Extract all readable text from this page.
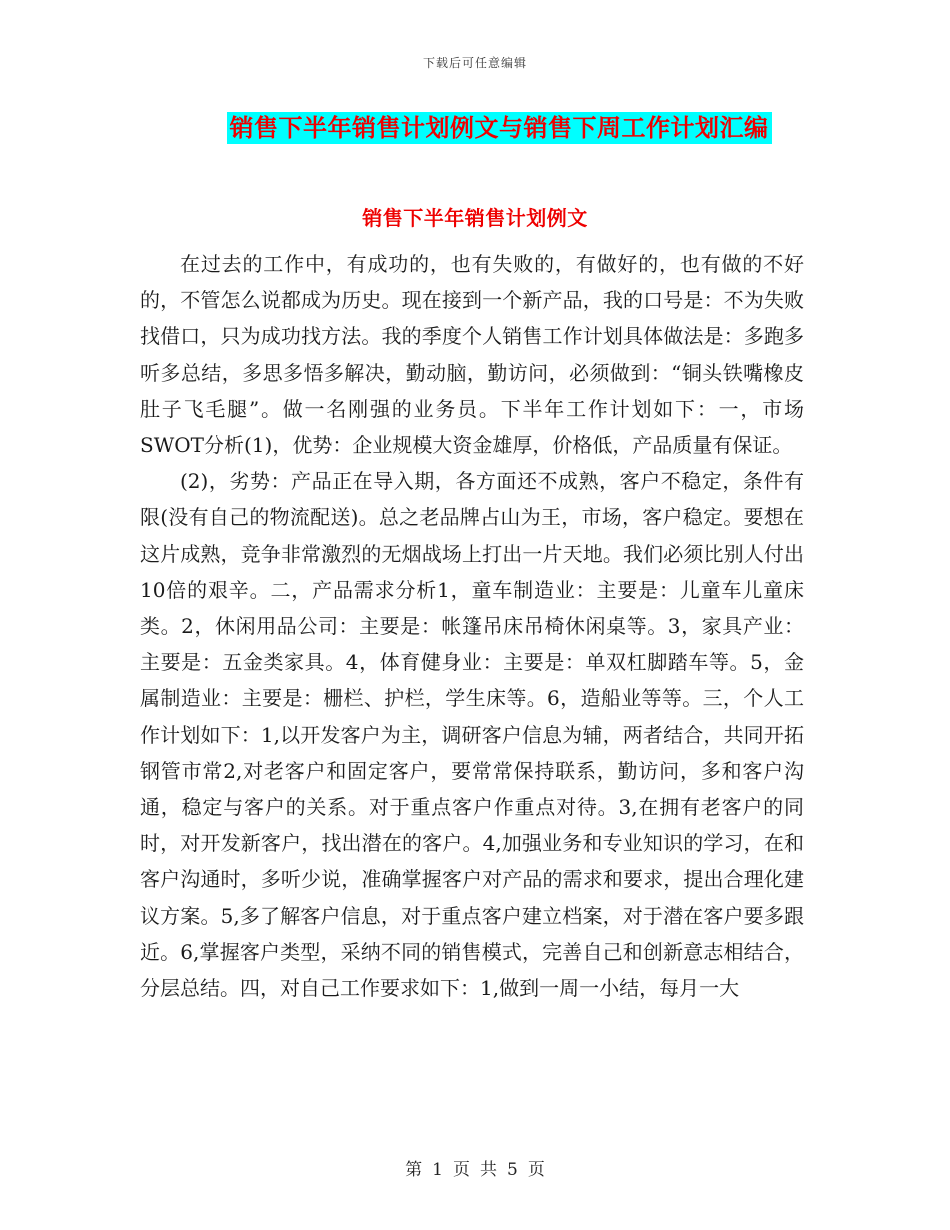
下载后可任意编辑
销售下半年销售计划例文与销售下周工作计划汇编
销售下半年销售计划例文

在过去的工作中，有成功的，也有失败的，有做好的，也有做的不好的，不管怎么说都成为历史。现在接到一个新产品，我的口号是：不为失败找借口，只为成功找方法。我的季度个人销售工作计划具体做法是：多跑多听多总结，多思多悟多解决，勤动脑，勤访问，必须做到：“铜头铁嘴橡皮肚子飞毛腿”。做一名刚强的业务员。下半年工作计划如下：一，市场SWOT分析(1)，优势：企业规模大资金雄厚，价格低，产品质量有保证。

(2)，劣势：产品正在导入期，各方面还不成熟，客户不稳定，条件有限(没有自己的物流配送)。总之老品牌占山为王，市场，客户稳定。要想在这片成熟，竞争非常激烈的无烟战场上打出一片天地。我们必须比别人付出10倍的艰辛。二，产品需求分析1，童车制造业：主要是：儿童车儿童床类。2，休闲用品公司：主要是：帐篷吊床吊椅休闲桌等。3，家具产业：主要是：五金类家具。4，体育健身业：主要是：单双杠脚踏车等。5，金属制造业：主要是：栅栏、护栏，学生床等。6，造船业等等。三，个人工作计划如下：1,以开发客户为主，调研客户信息为辅，两者结合，共同开拓钢管市常2,对老客户和固定客户，要常常保持联系，勤访问，多和客户沟通，稳定与客户的关系。对于重点客户作重点对待。3,在拥有老客户的同时，对开发新客户，找出潜在的客户。4,加强业务和专业知识的学习，在和客户沟通时，多听少说，准确掌握客户对产品的需求和要求，提出合理化建议方案。5,多了解客户信息，对于重点客户建立档案，对于潜在客户要多跟近。6,掌握客户类型，采纳不同的销售模式，完善自己和创新意志相结合，分层总结。四，对自己工作要求如下：1,做到一周一小结，每月一大

第 1 页 共 5 页
